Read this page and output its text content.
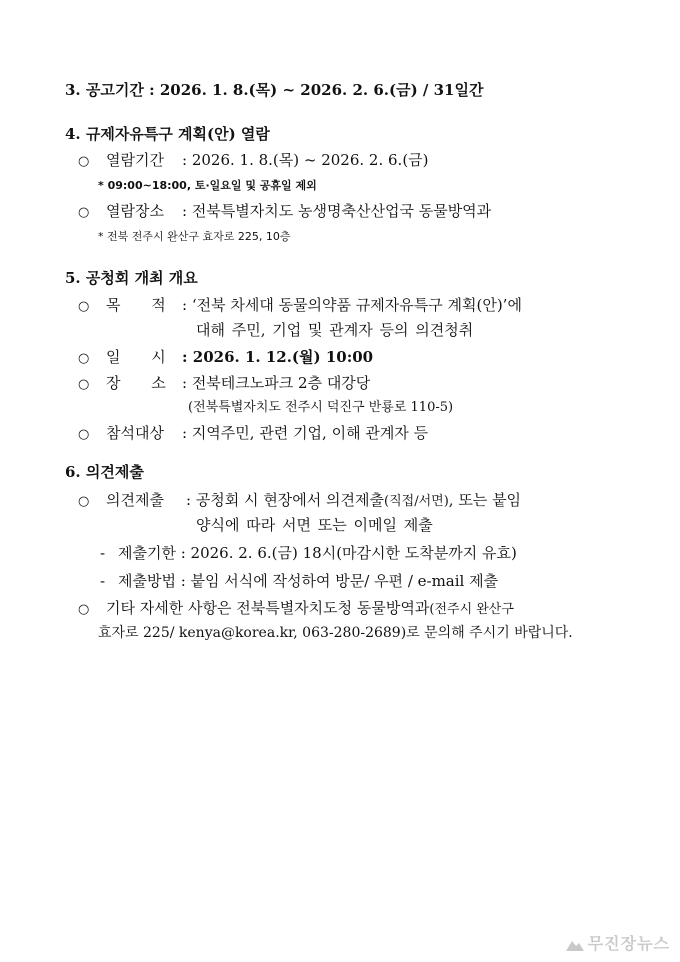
3. 공고기간 : 2026. 1. 8.(목) ~ 2026. 2. 6.(금) / 31일간
4. 규제자유특구 계획(안) 열람
○ 열람기간 : 2026. 1. 8.(목) ~ 2026. 2. 6.(금)
* 09:00~18:00, 토·일요일 및 공휴일 제외
○ 열람장소 : 전북특별자치도 농생명축산산업국 동물방역과
* 전북 전주시 완산구 효자로 225, 10층
5. 공청회 개최 개요
○ 목 적 : ‘전북 차세대 동물의약품 규제자유특구 계획(안)’에
대해 주민, 기업 및 관계자 등의 의견청취
○ 일 시 : 2026. 1. 12.(월) 10:00
○ 장 소 : 전북테크노파크 2층 대강당
(전북특별자치도 전주시 덕진구 반룡로 110-5)
○ 참석대상 : 지역주민, 관련 기업, 이해 관계자 등
6. 의견제출
○ 의견제출 : 공청회 시 현장에서 의견제출(직접/서면), 또는 붙임
양식에 따라 서면 또는 이메일 제출
- 제출기한 : 2026. 2. 6.(금) 18시(마감시한 도착분까지 유효)
- 제출방법 : 붙임 서식에 작성하여 방문/ 우편 / e-mail 제출
○ 기타 자세한 사항은 전북특별자치도청 동물방역과(전주시 완산구
효자로 225/ kenya@korea.kr, 063-280-2689)로 문의해 주시기 바랍니다.
무진장뉴스
